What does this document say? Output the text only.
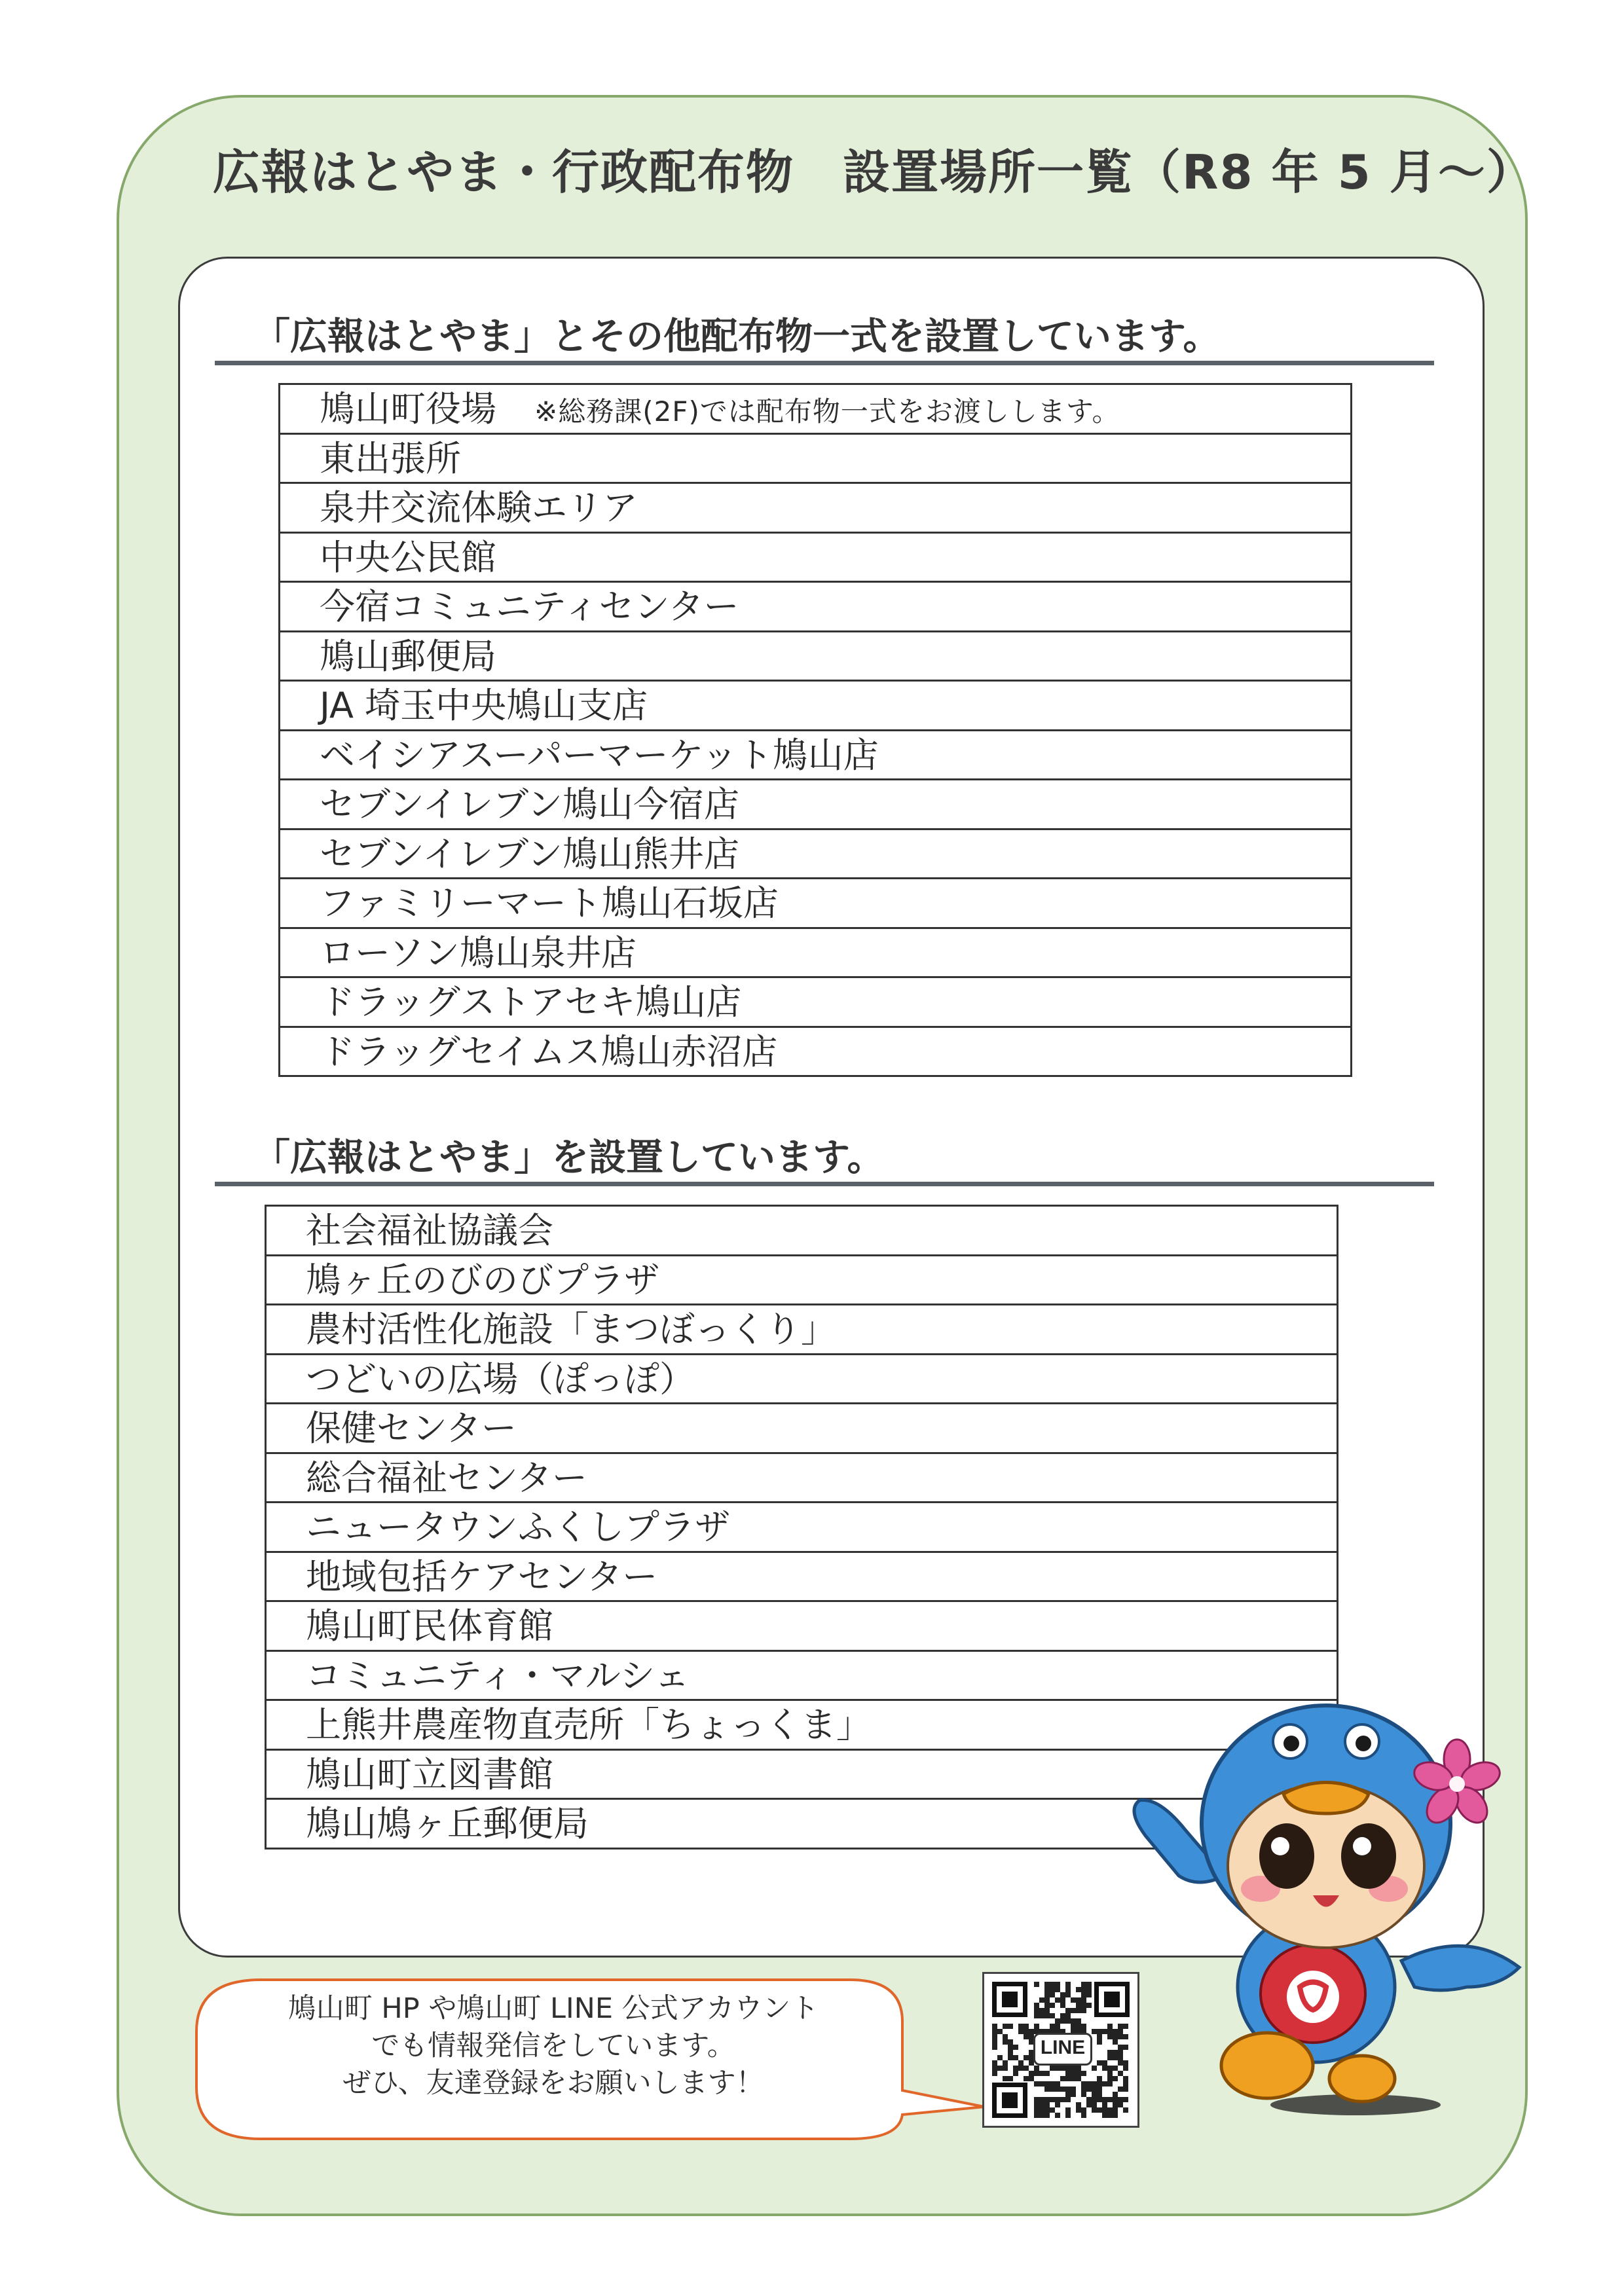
広報はとやま・行政配布物　設置場所一覧（R8 年 5 月～）
「広報はとやま」とその他配布物一式を設置しています。
鳩山町役場 ※総務課(2F)では配布物一式をお渡しします。
東出張所
泉井交流体験エリア
中央公民館
今宿コミュニティセンター
鳩山郵便局
JA 埼玉中央鳩山支店
ベイシアスーパーマーケット鳩山店
セブンイレブン鳩山今宿店
セブンイレブン鳩山熊井店
ファミリーマート鳩山石坂店
ローソン鳩山泉井店
ドラッグストアセキ鳩山店
ドラッグセイムス鳩山赤沼店
「広報はとやま」を設置しています。
社会福祉協議会
鳩ヶ丘のびのびプラザ
農村活性化施設「まつぼっくり」
つどいの広場（ぽっぽ）
保健センター
総合福祉センター
ニュータウンふくしプラザ
地域包括ケアセンター
鳩山町民体育館
コミュニティ・マルシェ
上熊井農産物直売所「ちょっくま」
鳩山町立図書館
鳩山鳩ヶ丘郵便局
鳩山町 HP や鳩山町 LINE 公式アカウント
でも情報発信をしています。
ぜひ、友達登録をお願いします！
LINE
